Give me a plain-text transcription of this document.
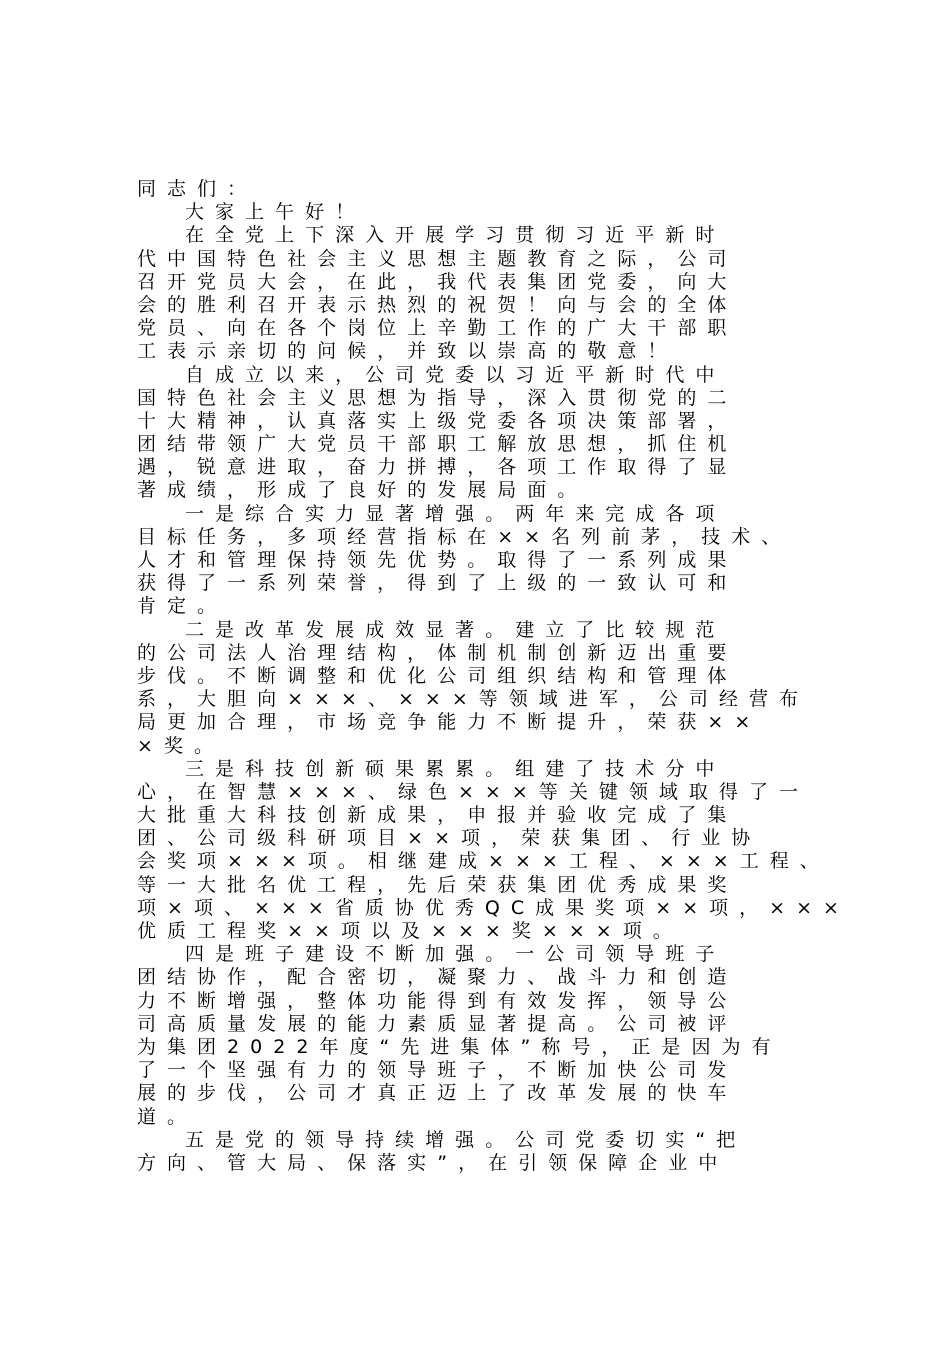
同志们：
大家上午好！
在全党上下深入开展学习贯彻习近平新时
代中国特色社会主义思想主题教育之际，公司
召开党员大会，在此，我代表集团党委，向大
会的胜利召开表示热烈的祝贺！向与会的全体
党员、向在各个岗位上辛勤工作的广大干部职
工表示亲切的问候，并致以崇高的敬意！
自成立以来，公司党委以习近平新时代中
国特色社会主义思想为指导，深入贯彻党的二
十大精神，认真落实上级党委各项决策部署，
团结带领广大党员干部职工解放思想，抓住机
遇，锐意进取，奋力拼搏，各项工作取得了显
著成绩，形成了良好的发展局面。
一是综合实力显著增强。两年来完成各项
目标任务，多项经营指标在××名列前茅，技术、
人才和管理保持领先优势。取得了一系列成果
获得了一系列荣誉，得到了上级的一致认可和
肯定。
二是改革发展成效显著。建立了比较规范
的公司法人治理结构，体制机制创新迈出重要
步伐。不断调整和优化公司组织结构和管理体
系，大胆向×××、×××等领域进军，公司经营布
局更加合理，市场竞争能力不断提升，荣获××
×奖。
三是科技创新硕果累累。组建了技术分中
心，在智慧×××、绿色×××等关键领域取得了一
大批重大科技创新成果，申报并验收完成了集
团、公司级科研项目××项，荣获集团、行业协
会奖项×××项。相继建成×××工程、×××工程、
等一大批名优工程，先后荣获集团优秀成果奖
项×项、×××省质协优秀QC成果奖项××项，×××
优质工程奖××项以及×××奖×××项。
四是班子建设不断加强。一公司领导班子
团结协作，配合密切，凝聚力、战斗力和创造
力不断增强，整体功能得到有效发挥，领导公
司高质量发展的能力素质显著提高。公司被评
为集团2022年度“先进集体”称号，正是因为有
了一个坚强有力的领导班子，不断加快公司发
展的步伐，公司才真正迈上了改革发展的快车
道。
五是党的领导持续增强。公司党委切实“把
方向、管大局、保落实”，在引领保障企业中
